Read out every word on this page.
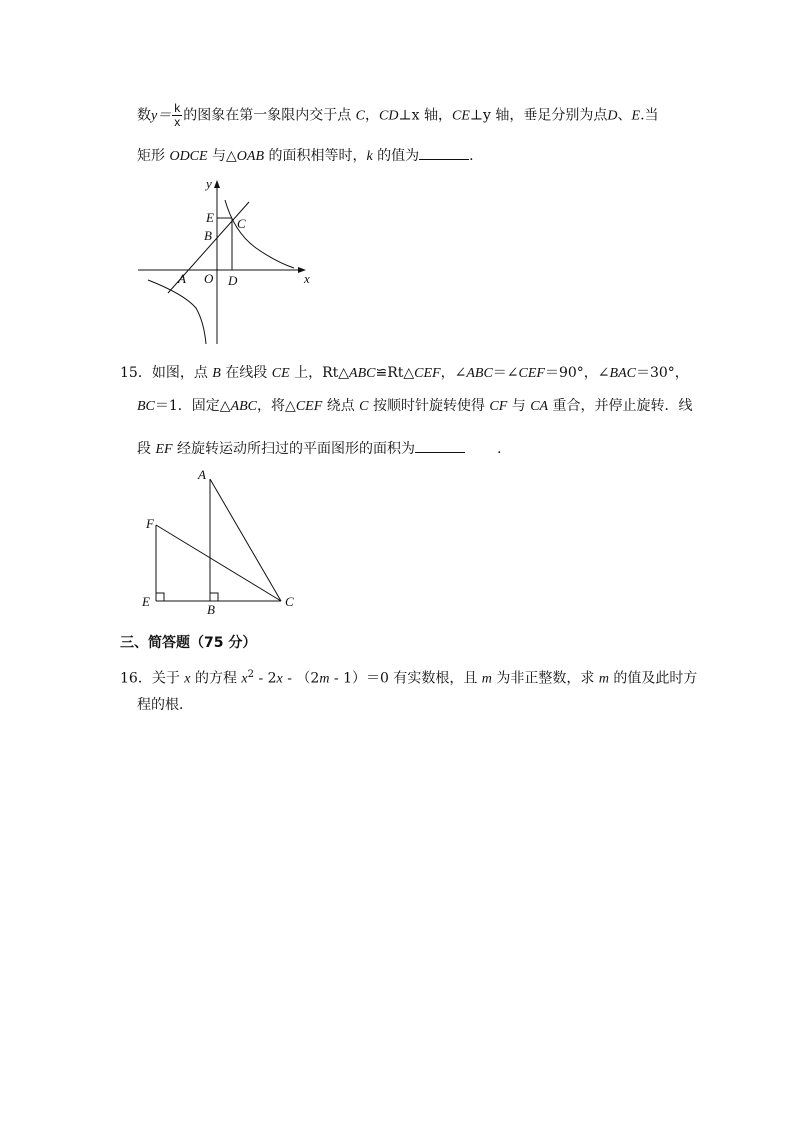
数$y= \frac{k}{x}$ 的图象在第一象限内交于点 C，CD⊥x 轴，CE⊥y 轴，垂足分别为点D、E.当
矩形 ODCE 与△OAB 的面积相等时，k 的值为	.
y
x
E C
B
A O D
15．如图，点 B 在线段 CE 上，Rt△ABC≌Rt△CEF，∠ABC＝∠CEF＝90°，∠BAC＝30°，
BC＝1．固定△ABC，将△CEF 绕点 C 按顺时针旋转使得 CF 与 CA 重合，并停止旋转．线
段 EF 经旋转运动所扫过的平面图形的面积为	.
A
F
E
B
C
三、简答题（75 分）
16．关于 x 的方程 $x^2 - 2x - (2m - 1)=0$ 有实数根，且 m 为非正整数，求 m 的值及此时方
程的根．
